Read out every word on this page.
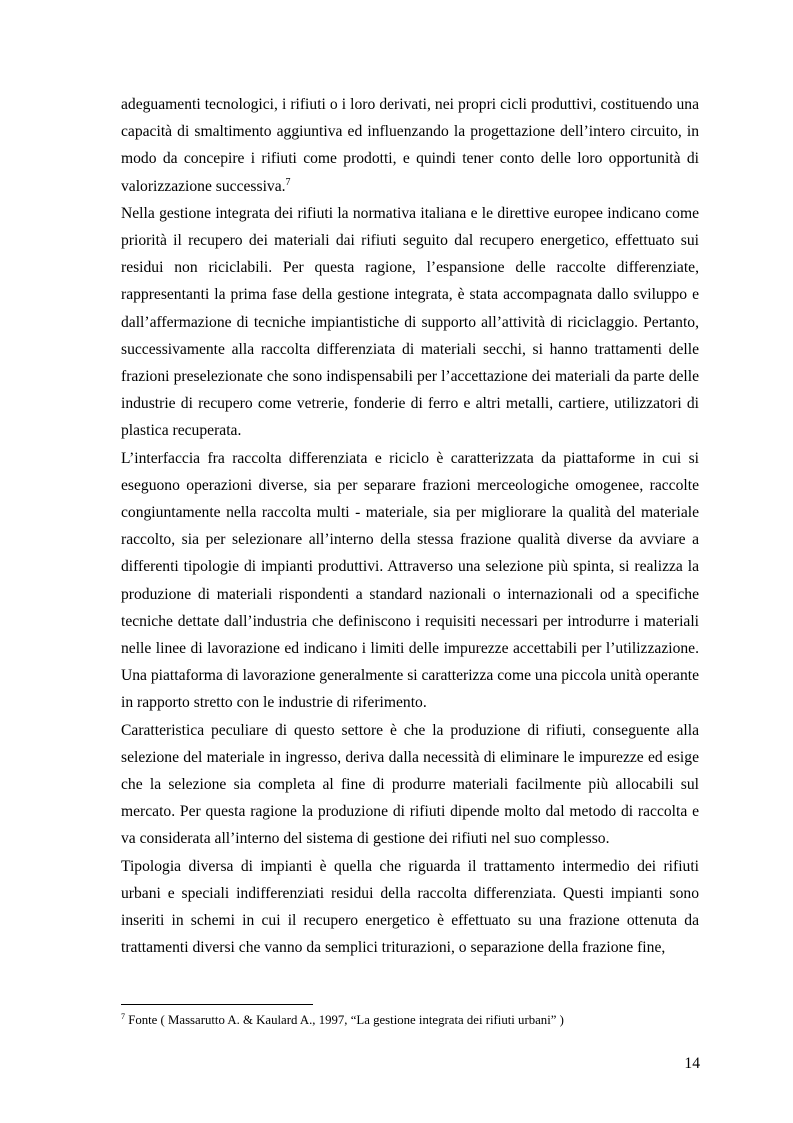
adeguamenti tecnologici, i rifiuti o i loro derivati, nei propri cicli produttivi, costituendo una capacità di smaltimento aggiuntiva ed influenzando la progettazione dell’intero circuito, in modo da concepire i rifiuti come prodotti, e quindi tener conto delle loro opportunità di valorizzazione successiva.$^7$

Nella gestione integrata dei rifiuti la normativa italiana e le direttive europee indicano come priorità il recupero dei materiali dai rifiuti seguito dal recupero energetico, effettuato sui residui non riciclabili. Per questa ragione, l’espansione delle raccolte differenziate, rappresentanti la prima fase della gestione integrata, è stata accompagnata dallo sviluppo e dall’affermazione di tecniche impiantistiche di supporto all’attività di riciclaggio. Pertanto, successivamente alla raccolta differenziata di materiali secchi, si hanno trattamenti delle frazioni preselezionate che sono indispensabili per l’accettazione dei materiali da parte delle industrie di recupero come vetrerie, fonderie di ferro e altri metalli, cartiere, utilizzatori di plastica recuperata.

L’interfaccia fra raccolta differenziata e riciclo è caratterizzata da piattaforme in cui si eseguono operazioni diverse, sia per separare frazioni merceologiche omogenee, raccolte congiuntamente nella raccolta multi - materiale, sia per migliorare la qualità del materiale raccolto, sia per selezionare all’interno della stessa frazione qualità diverse da avviare a differenti tipologie di impianti produttivi. Attraverso una selezione più spinta, si realizza la produzione di materiali rispondenti a standard nazionali o internazionali od a specifiche tecniche dettate dall’industria che definiscono i requisiti necessari per introdurre i materiali nelle linee di lavorazione ed indicano i limiti delle impurezze accettabili per l’utilizzazione. Una piattaforma di lavorazione generalmente si caratterizza come una piccola unità operante in rapporto stretto con le industrie di riferimento.

Caratteristica peculiare di questo settore è che la produzione di rifiuti, conseguente alla selezione del materiale in ingresso, deriva dalla necessità di eliminare le impurezze ed esige che la selezione sia completa al fine di produrre materiali facilmente più allocabili sul mercato. Per questa ragione la produzione di rifiuti dipende molto dal metodo di raccolta e va considerata all’interno del sistema di gestione dei rifiuti nel suo complesso.

Tipologia diversa di impianti è quella che riguarda il trattamento intermedio dei rifiuti urbani e speciali indifferenziati residui della raccolta differenziata. Questi impianti sono inseriti in schemi in cui il recupero energetico è effettuato su una frazione ottenuta da trattamenti diversi che vanno da semplici triturazioni, o separazione della frazione fine,

$^7$ Fonte ( Massarutto A. & Kaulard A., 1997, “La gestione integrata dei rifiuti urbani” )
14
